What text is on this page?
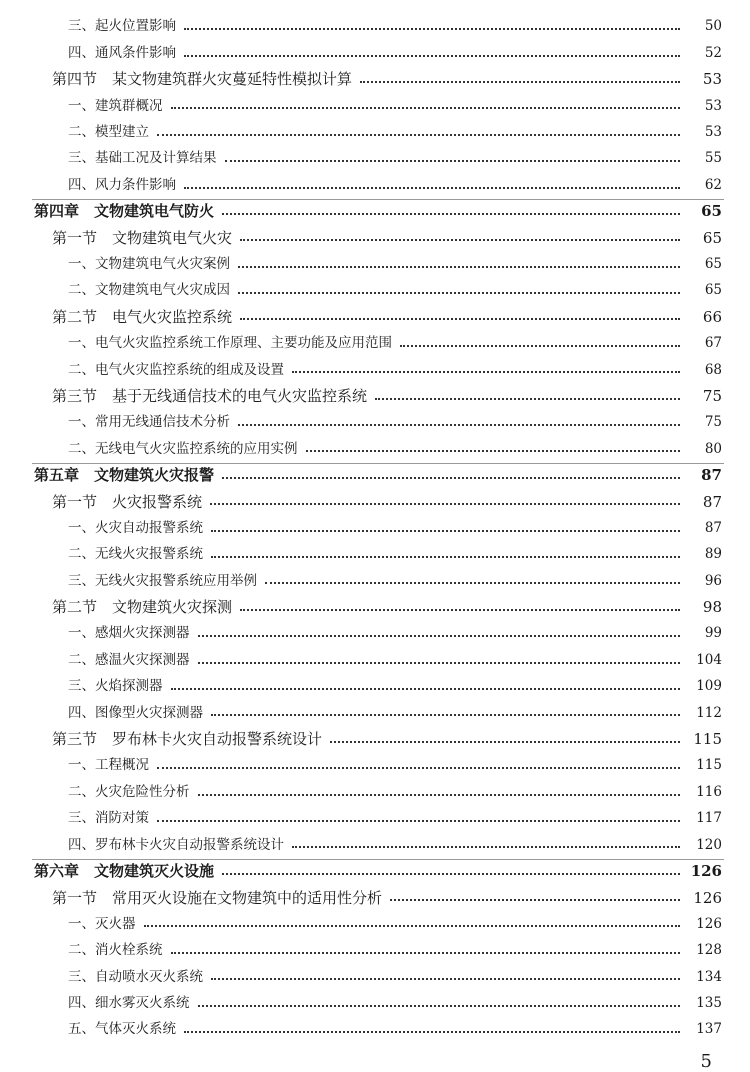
三、起火位置影响	50
四、通风条件影响	52
第四节　某文物建筑群火灾蔓延特性模拟计算	53
一、建筑群概况	53
二、模型建立	53
三、基础工况及计算结果	55
四、风力条件影响	62
第四章　文物建筑电气防火	65
第一节　文物建筑电气火灾	65
一、文物建筑电气火灾案例	65
二、文物建筑电气火灾成因	65
第二节　电气火灾监控系统	66
一、电气火灾监控系统工作原理、主要功能及应用范围	67
二、电气火灾监控系统的组成及设置	68
第三节　基于无线通信技术的电气火灾监控系统	75
一、常用无线通信技术分析	75
二、无线电气火灾监控系统的应用实例	80
第五章　文物建筑火灾报警	87
第一节　火灾报警系统	87
一、火灾自动报警系统	87
二、无线火灾报警系统	89
三、无线火灾报警系统应用举例	96
第二节　文物建筑火灾探测	98
一、感烟火灾探测器	99
二、感温火灾探测器	104
三、火焰探测器	109
四、图像型火灾探测器	112
第三节　罗布林卡火灾自动报警系统设计	115
一、工程概况	115
二、火灾危险性分析	116
三、消防对策	117
四、罗布林卡火灾自动报警系统设计	120
第六章　文物建筑灭火设施	126
第一节　常用灭火设施在文物建筑中的适用性分析	126
一、灭火器	126
二、消火栓系统	128
三、自动喷水灭火系统	134
四、细水雾灭火系统	135
五、气体灭火系统	137
5
